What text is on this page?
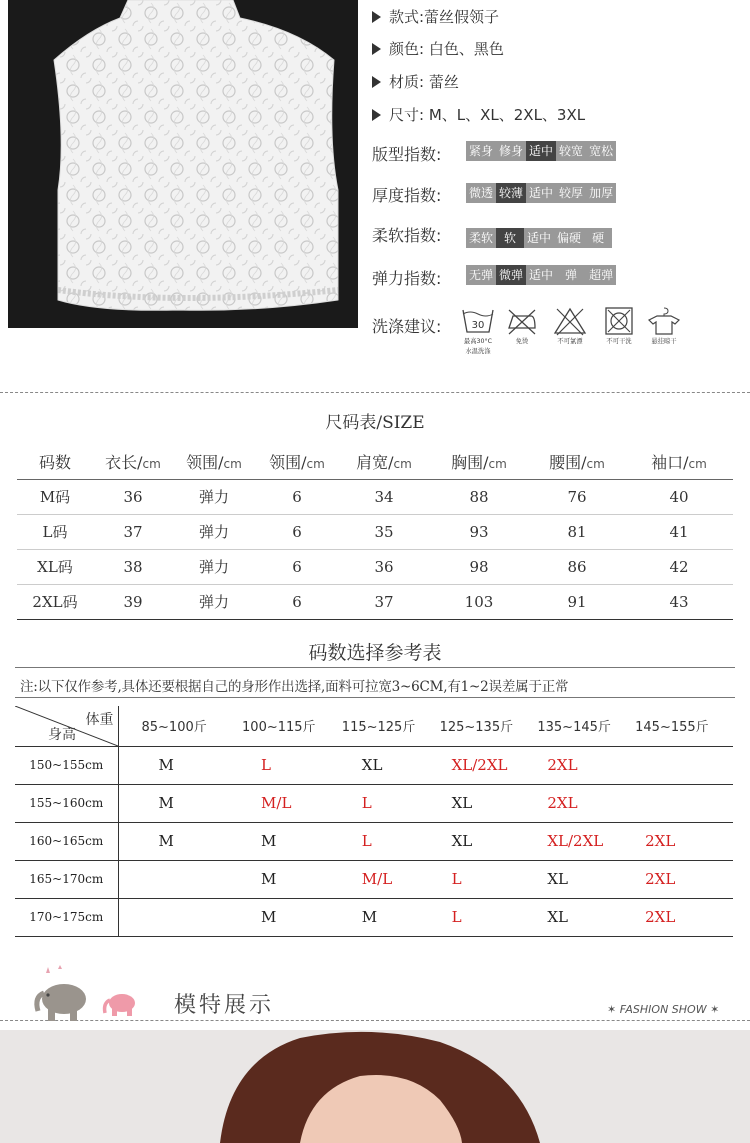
款式:蕾丝假领子
颜色: 白色、黑色
材质: 蕾丝
尺寸: M、L、XL、2XL、3XL
版型指数: 紧身 修身 适中 较宽 宽松
厚度指数: 微透 较薄 适中 较厚 加厚
柔软指数: 柔软 软 适中 偏硬 硬
弹力指数: 无弹 微弹 适中	弹	超弹
洗涤建议:	30
最高30°C
水温洗涤
免烫	不可氯漂	不可干洗	悬挂晾干
尺码表/SIZE
码数	衣长/cm	领围/cm	领围/cm	肩宽/cm	胸围/cm	腰围/cm	袖口/cm
M码	36	弹力	6	34	88	76	40
L码	37	弹力	6	35	93	81	41
XL码	38	弹力	6	36	98	86	42
2XL码	39	弹力	6	37	103	91	43
码数选择参考表
注:以下仅作参考,具体还要根据自己的身形作出选择,面料可拉宽3~6CM,有1~2误差属于正常
体重
身高	85~100斤	100~115斤	115~125斤	125~135斤	135~145斤	145~155斤
150~155cm	M	L	XL	XL/2XL	2XL	
155~160cm	M	M/L	L	XL	2XL	
160~165cm	M	M	L	XL	XL/2XL	2XL
165~170cm		M	M/L	L	XL	2XL
170~175cm		M	M	L	XL	2XL
模特展示	✶ FASHION SHOW ✶
